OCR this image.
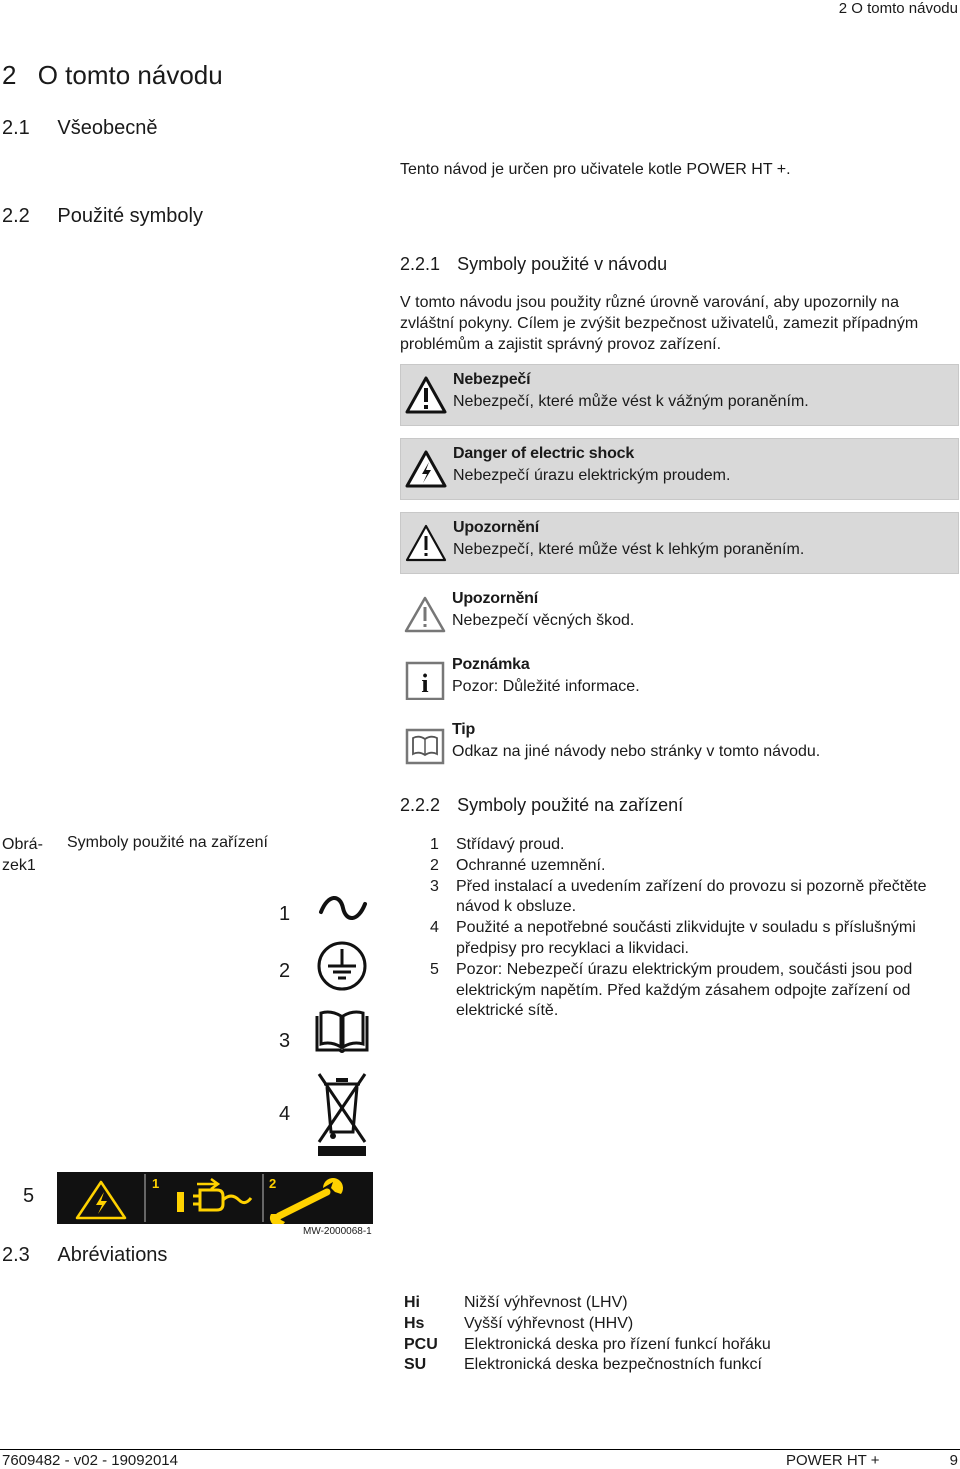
2 O tomto návodu
2 O tomto návodu
2.1 Všeobecně
Tento návod je určen pro učivatele kotle POWER HT +.
2.2 Použité symboly
2.2.1 Symboly použité v návodu
V tomto návodu jsou použity různé úrovně varování, aby upozornily na zvláštní pokyny. Cílem je zvýšit bezpečnost uživatelů, zamezit případným problémům a zajistit správný provoz zařízení.
Nebezpečí
Nebezpečí, které může vést k vážným poraněním.
Danger of electric shock
Nebezpečí úrazu elektrickým proudem.
Upozornění
Nebezpečí, které může vést k lehkým poraněním.
Upozornění
Nebezpečí věcných škod.
i
Poznámka
Pozor: Důležité informace.
Tip
Odkaz na jiné návody nebo stránky v tomto návodu.
2.2.2 Symboly použité na zařízení
Obrá-
zek1
Symboly použité na zařízení
1
2
3
4
5
1	2
MW-2000068-1
1	Střídavý proud.
2	Ochranné uzemnění.
3	Před instalací a uvedením zařízení do provozu si pozorně přečtěte návod k obsluze.
4	Použité a nepotřebné součásti zlikvidujte v souladu s příslušnými předpisy pro recyklaci a likvidaci.
5	Pozor: Nebezpečí úrazu elektrickým proudem, součásti jsou pod elektrickým napětím. Před každým zásahem odpojte zařízení od elektrické sítě.
2.3 Abréviations
Hi	Nižší výhřevnost (LHV)
Hs	Vyšší výhřevnost (HHV)
PCU	Elektronická deska pro řízení funkcí hořáku
SU	Elektronická deska bezpečnostních funkcí
7609482 - v02 - 19092014	POWER HT +	9
